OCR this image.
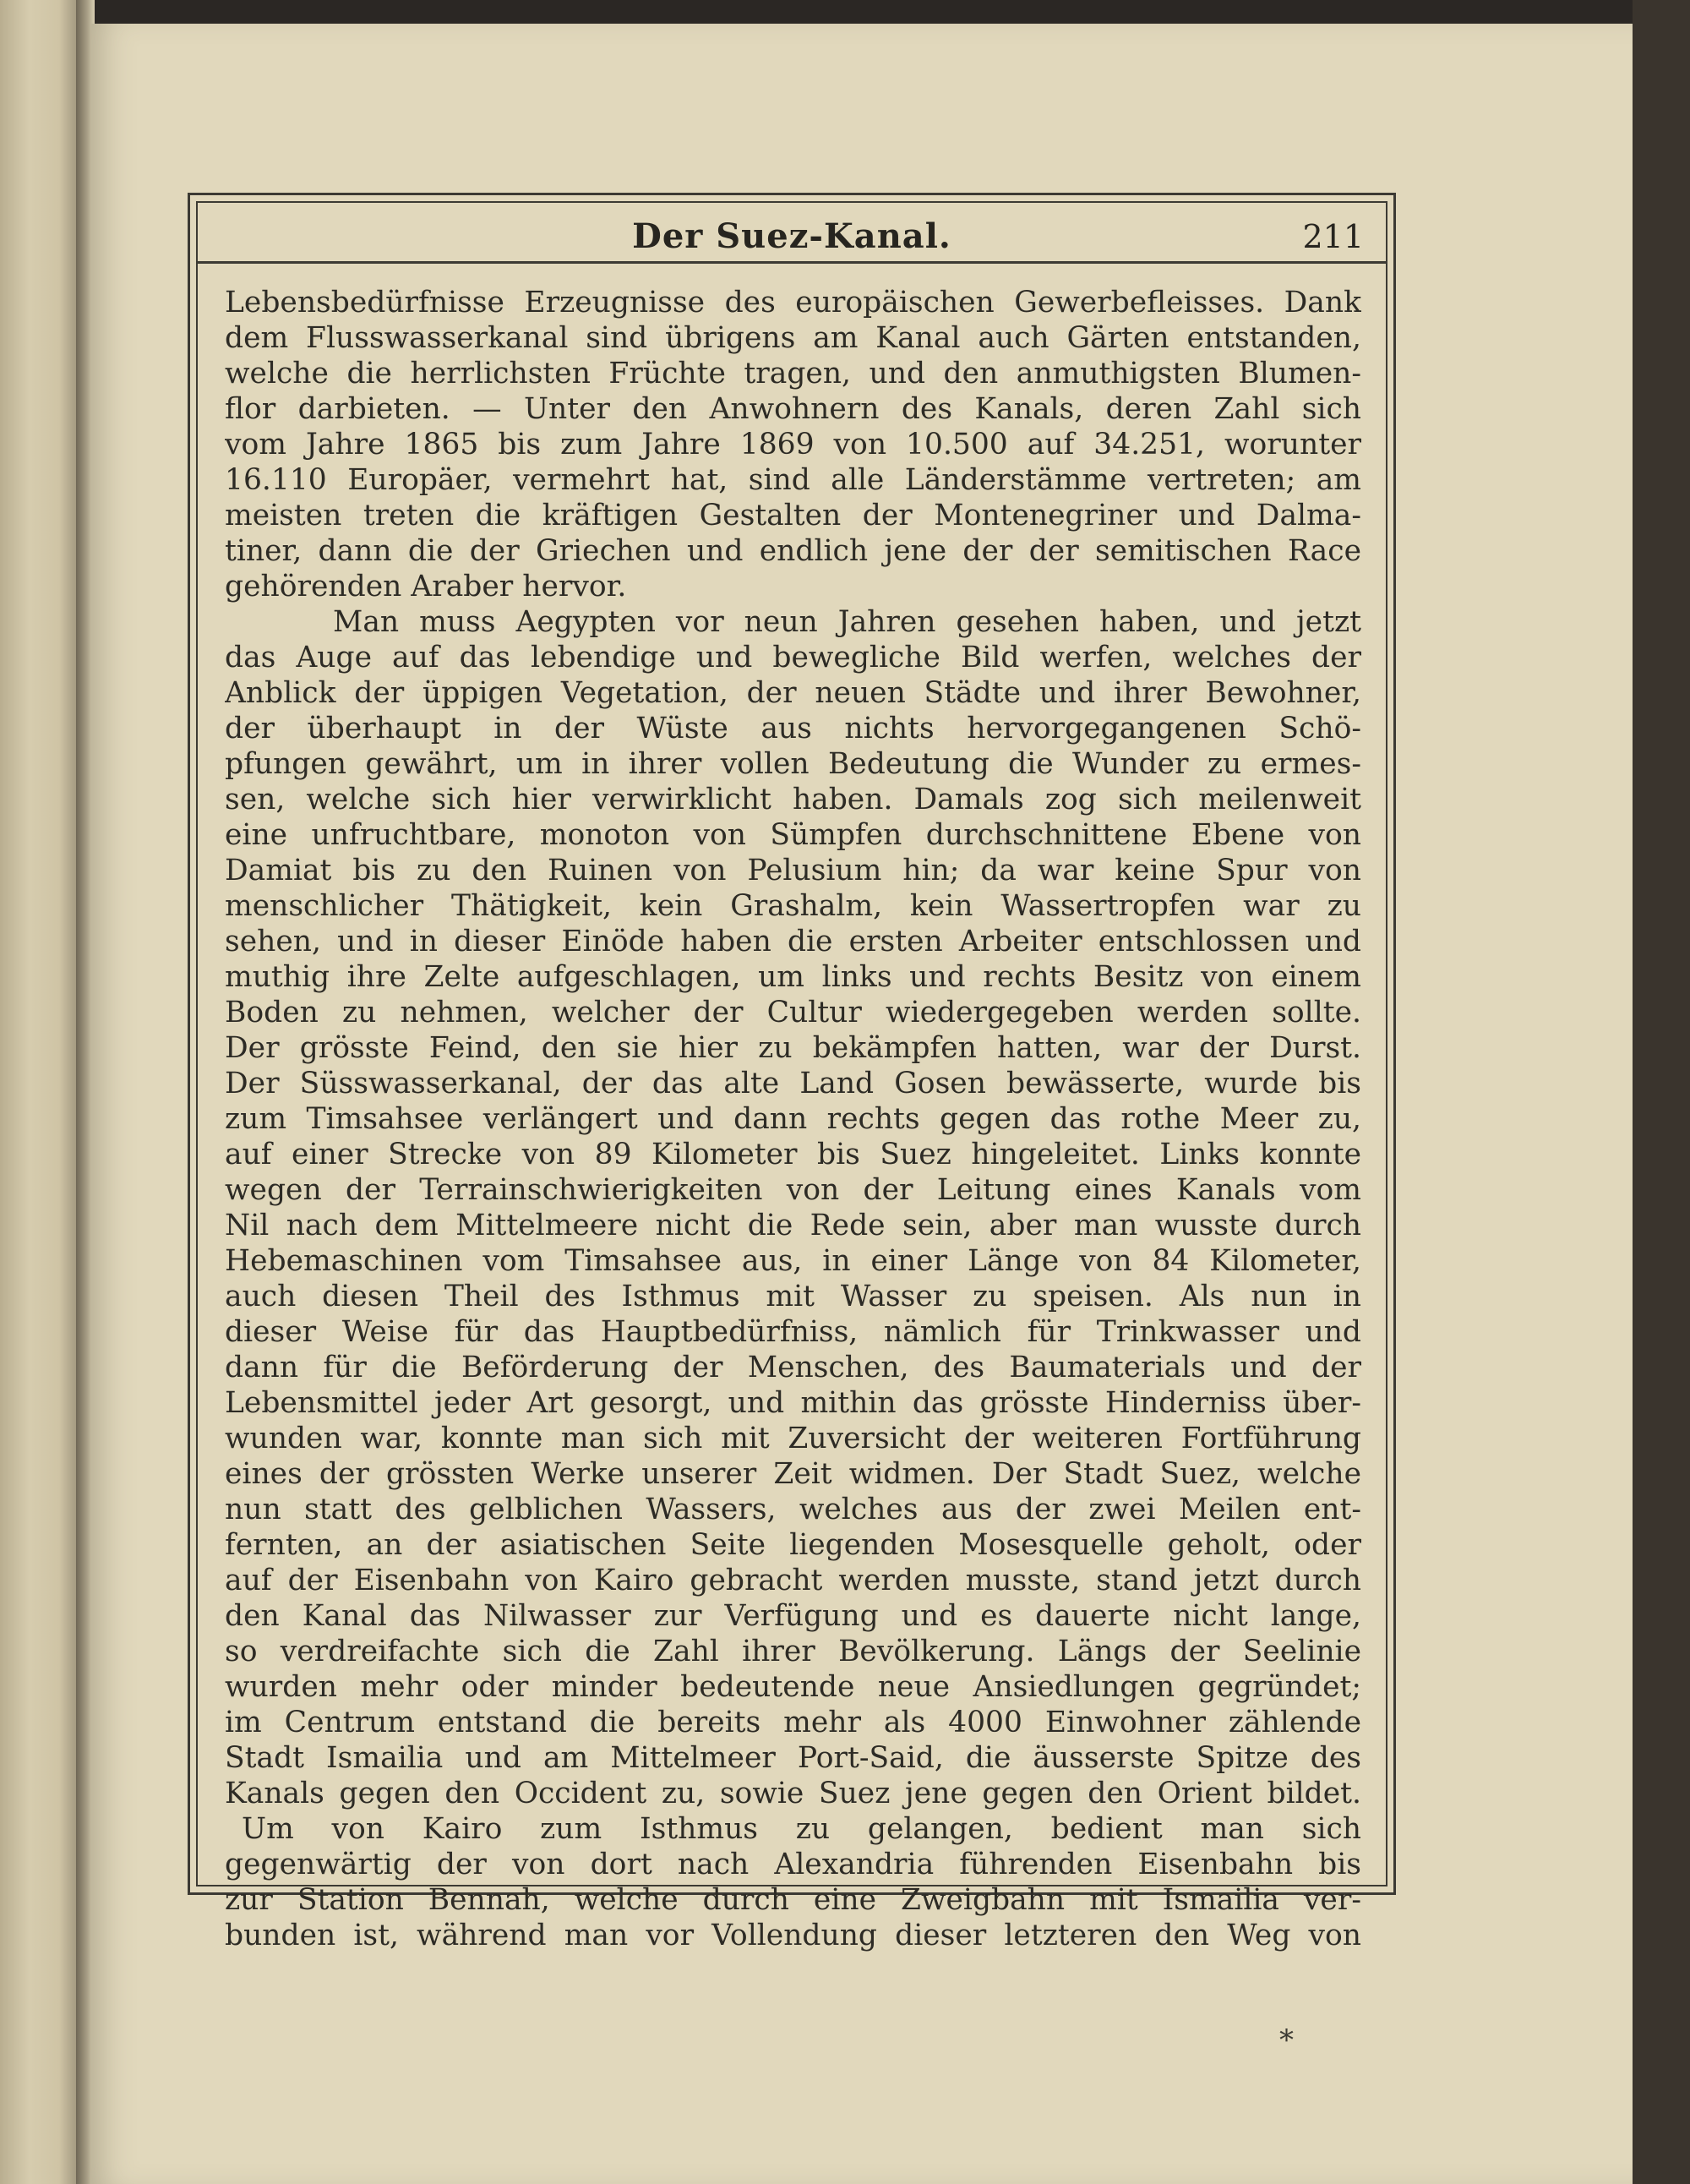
Der Suez-Kanal.	211
Lebensbedürfnisse Erzeugnisse des europäischen Gewerbefleisses. Dank
dem Flusswasserkanal sind übrigens am Kanal auch Gärten entstanden,
welche die herrlichsten Früchte tragen, und den anmuthigsten Blumen-
flor darbieten. — Unter den Anwohnern des Kanals, deren Zahl sich
vom Jahre 1865 bis zum Jahre 1869 von 10.500 auf 34.251, worunter
16.110 Europäer, vermehrt hat, sind alle Länderstämme vertreten; am
meisten treten die kräftigen Gestalten der Montenegriner und Dalma-
tiner, dann die der Griechen und endlich jene der der semitischen Race
gehörenden Araber hervor.
Man muss Aegypten vor neun Jahren gesehen haben, und jetzt
das Auge auf das lebendige und bewegliche Bild werfen, welches der
Anblick der üppigen Vegetation, der neuen Städte und ihrer Bewohner,
der überhaupt in der Wüste aus nichts hervorgegangenen Schö-
pfungen gewährt, um in ihrer vollen Bedeutung die Wunder zu ermes-
sen, welche sich hier verwirklicht haben. Damals zog sich meilenweit
eine unfruchtbare, monoton von Sümpfen durchschnittene Ebene von
Damiat bis zu den Ruinen von Pelusium hin; da war keine Spur von
menschlicher Thätigkeit, kein Grashalm, kein Wassertropfen war zu
sehen, und in dieser Einöde haben die ersten Arbeiter entschlossen und
muthig ihre Zelte aufgeschlagen, um links und rechts Besitz von einem
Boden zu nehmen, welcher der Cultur wiedergegeben werden sollte.
Der grösste Feind, den sie hier zu bekämpfen hatten, war der Durst.
Der Süsswasserkanal, der das alte Land Gosen bewässerte, wurde bis
zum Timsahsee verlängert und dann rechts gegen das rothe Meer zu,
auf einer Strecke von 89 Kilometer bis Suez hingeleitet. Links konnte
wegen der Terrainschwierigkeiten von der Leitung eines Kanals vom
Nil nach dem Mittelmeere nicht die Rede sein, aber man wusste durch
Hebemaschinen vom Timsahsee aus, in einer Länge von 84 Kilometer,
auch diesen Theil des Isthmus mit Wasser zu speisen. Als nun in
dieser Weise für das Hauptbedürfniss, nämlich für Trinkwasser und
dann für die Beförderung der Menschen, des Baumaterials und der
Lebensmittel jeder Art gesorgt, und mithin das grösste Hinderniss über-
wunden war, konnte man sich mit Zuversicht der weiteren Fortführung
eines der grössten Werke unserer Zeit widmen. Der Stadt Suez, welche
nun statt des gelblichen Wassers, welches aus der zwei Meilen ent-
fernten, an der asiatischen Seite liegenden Mosesquelle geholt, oder
auf der Eisenbahn von Kairo gebracht werden musste, stand jetzt durch
den Kanal das Nilwasser zur Verfügung und es dauerte nicht lange,
so verdreifachte sich die Zahl ihrer Bevölkerung. Längs der Seelinie
wurden mehr oder minder bedeutende neue Ansiedlungen gegründet;
im Centrum entstand die bereits mehr als 4000 Einwohner zählende
Stadt Ismailia und am Mittelmeer Port-Said, die äusserste Spitze des
Kanals gegen den Occident zu, sowie Suez jene gegen den Orient bildet.
Um von Kairo zum Isthmus zu gelangen, bedient man sich
gegenwärtig der von dort nach Alexandria führenden Eisenbahn bis
zur Station Bennah, welche durch eine Zweigbahn mit Ismailia ver-
bunden ist, während man vor Vollendung dieser letzteren den Weg von
*
